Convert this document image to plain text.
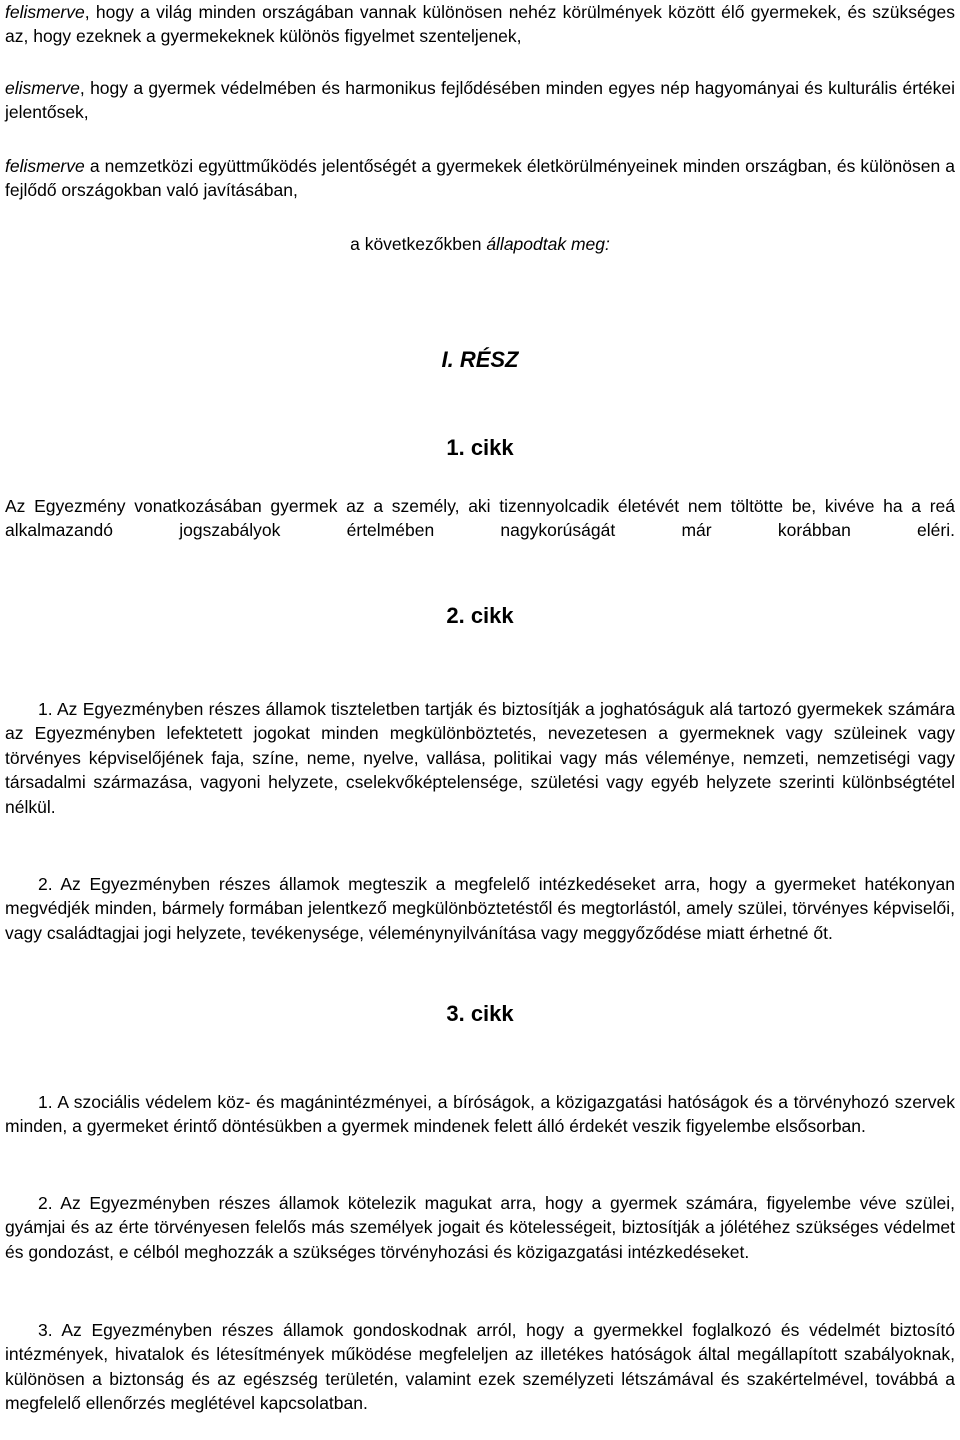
felismerve, hogy a világ minden országában vannak különösen nehéz körülmények között élő gyermekek, és szükséges az, hogy ezeknek a gyermekeknek különös figyelmet szenteljenek,

elismerve, hogy a gyermek védelmében és harmonikus fejlődésében minden egyes nép hagyományai és kulturális értékei jelentősek,

felismerve a nemzetközi együttműködés jelentőségét a gyermekek életkörülményeinek minden országban, és különösen a fejlődő országokban való javításában,

a következőkben állapodtak meg:

I. RÉSZ
1. cikk

Az Egyezmény vonatkozásában gyermek az a személy, aki tizennyolcadik életévét nem töltötte be, kivéve ha a reá alkalmazandó jogszabályok értelmében nagykorúságát már korábban eléri.

2. cikk

1. Az Egyezményben részes államok tiszteletben tartják és biztosítják a joghatóságuk alá tartozó gyermekek számára az Egyezményben lefektetett jogokat minden megkülönböztetés, nevezetesen a gyermeknek vagy szüleinek vagy törvényes képviselőjének faja, színe, neme, nyelve, vallása, politikai vagy más véleménye, nemzeti, nemzetiségi vagy társadalmi származása, vagyoni helyzete, cselekvőképtelensége, születési vagy egyéb helyzete szerinti különbségtétel nélkül.

2. Az Egyezményben részes államok megteszik a megfelelő intézkedéseket arra, hogy a gyermeket hatékonyan megvédjék minden, bármely formában jelentkező megkülönböztetéstől és megtorlástól, amely szülei, törvényes képviselői, vagy családtagjai jogi helyzete, tevékenysége, véleménynyilvánítása vagy meggyőződése miatt érhetné őt.

3. cikk

1. A szociális védelem köz- és magánintézményei, a bíróságok, a közigazgatási hatóságok és a törvényhozó szervek minden, a gyermeket érintő döntésükben a gyermek mindenek felett álló érdekét veszik figyelembe elsősorban.

2. Az Egyezményben részes államok kötelezik magukat arra, hogy a gyermek számára, figyelembe véve szülei, gyámjai és az érte törvényesen felelős más személyek jogait és kötelességeit, biztosítják a jólétéhez szükséges védelmet és gondozást, e célból meghozzák a szükséges törvényhozási és közigazgatási intézkedéseket.

3. Az Egyezményben részes államok gondoskodnak arról, hogy a gyermekkel foglalkozó és védelmét biztosító intézmények, hivatalok és létesítmények működése megfeleljen az illetékes hatóságok által megállapított szabályoknak, különösen a biztonság és az egészség területén, valamint ezek személyzeti létszámával és szakértelmével, továbbá a megfelelő ellenőrzés meglétével kapcsolatban.
